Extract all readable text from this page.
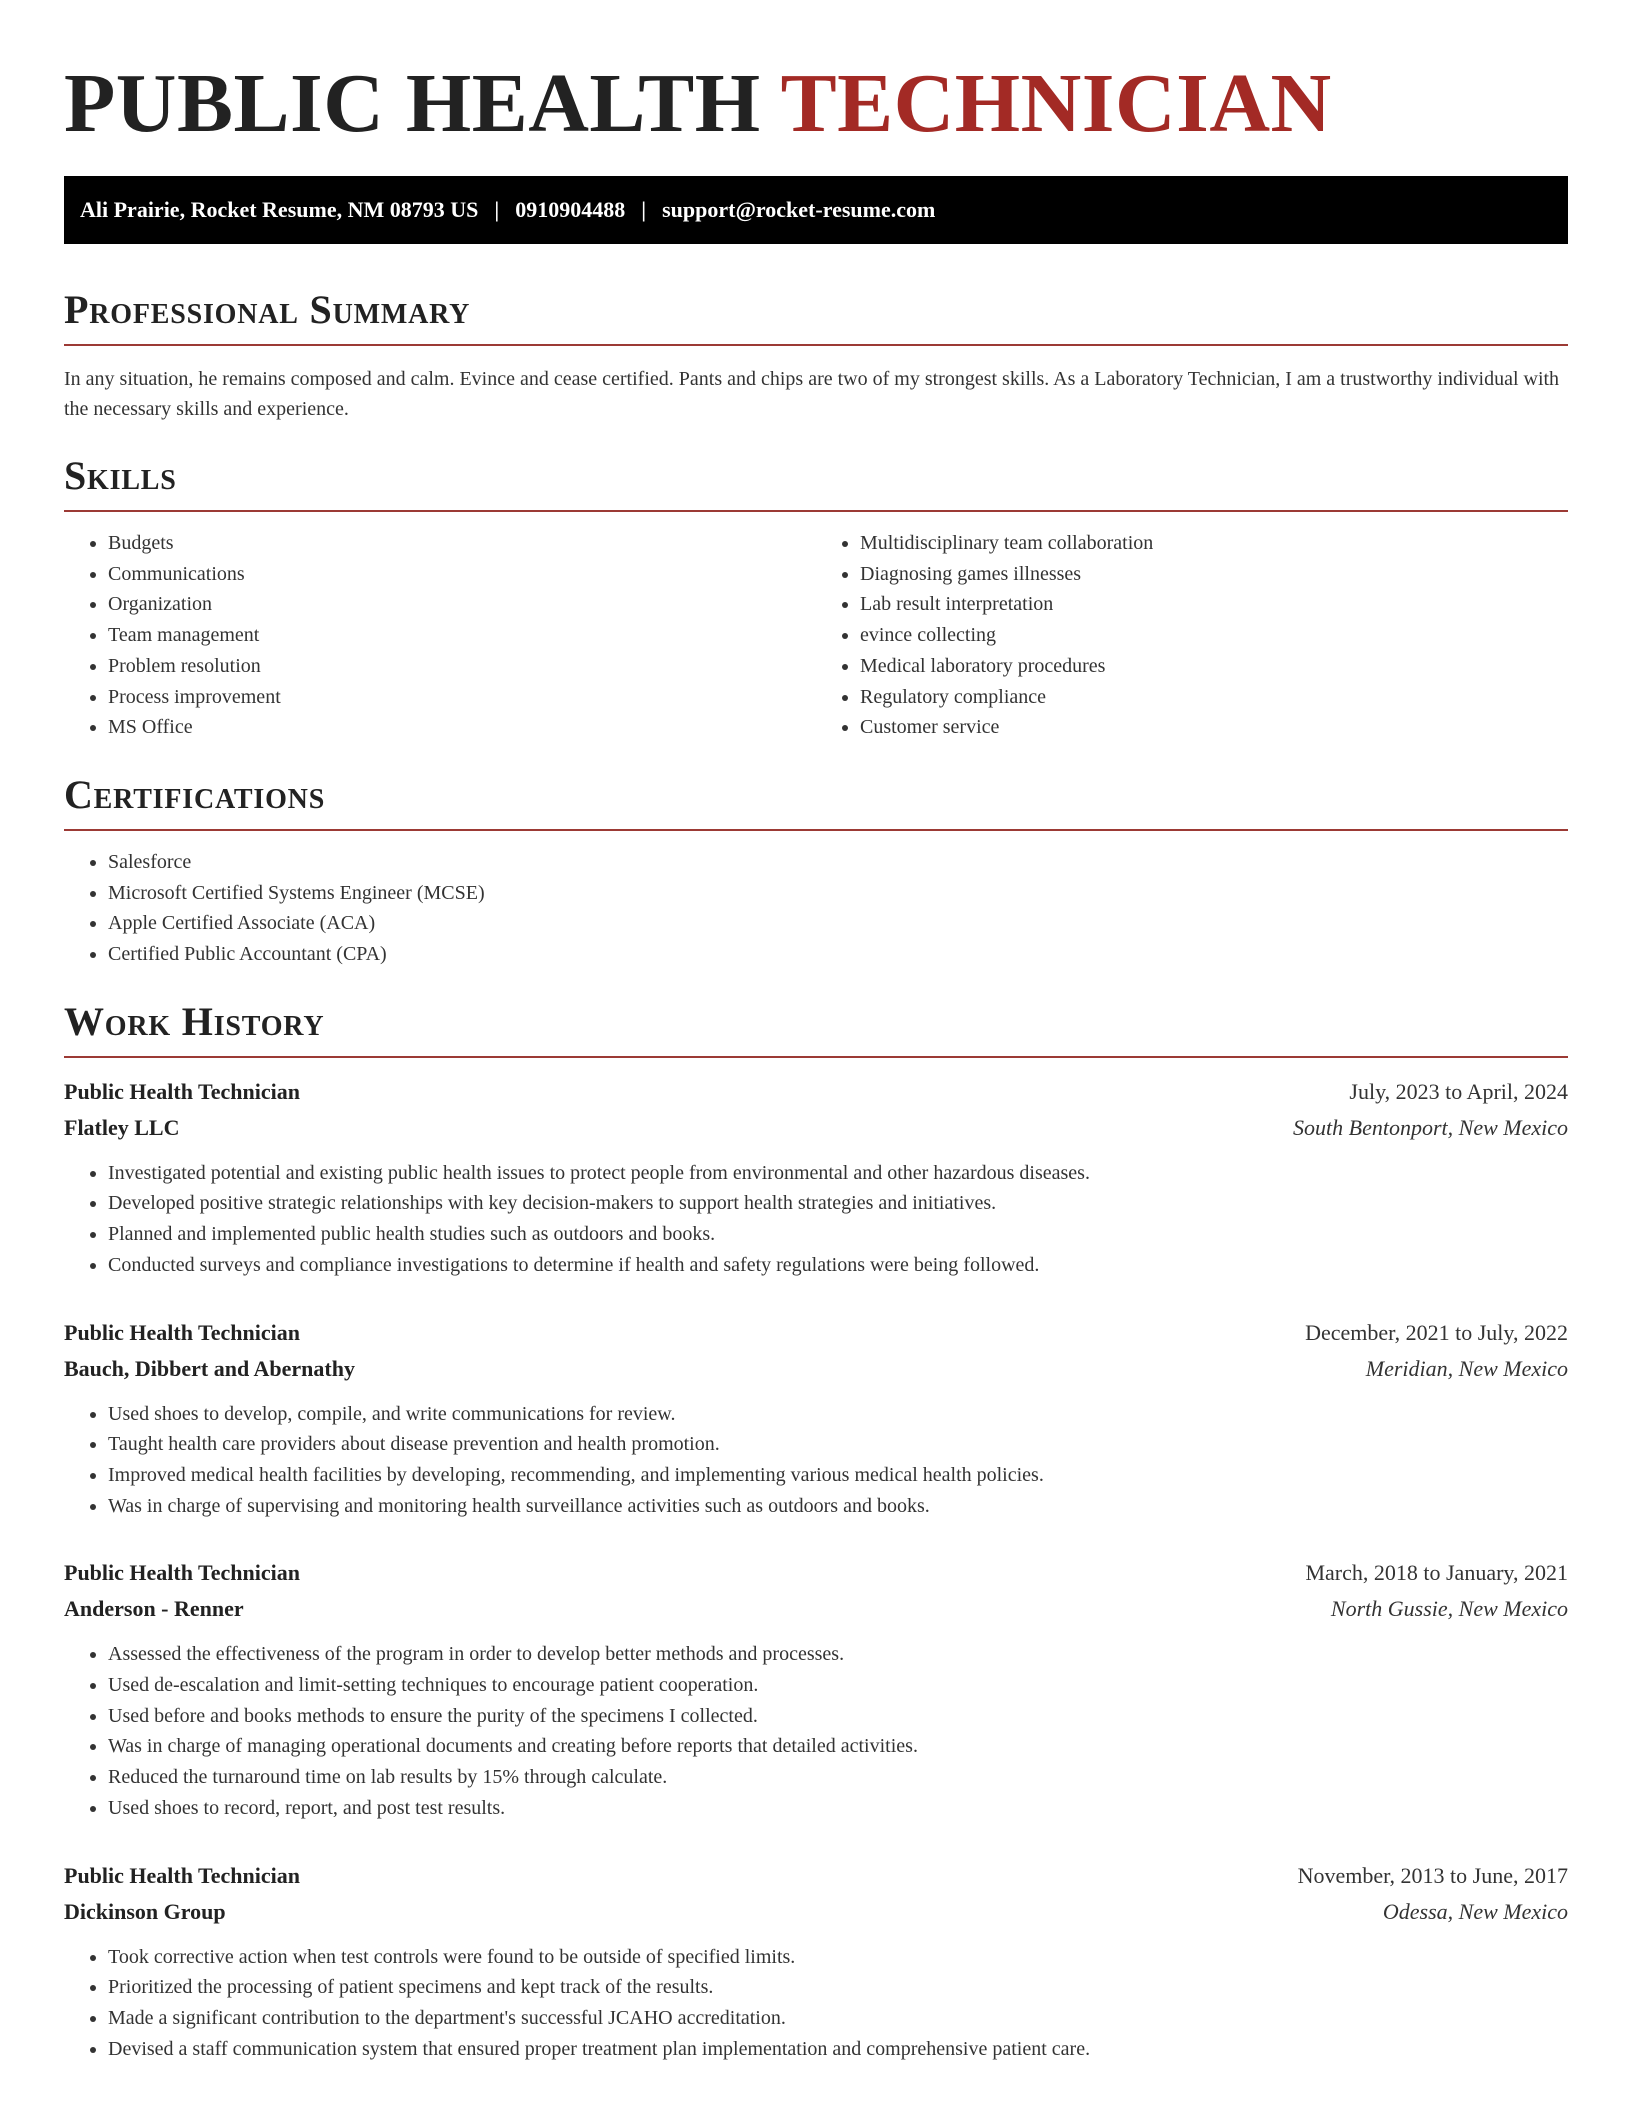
PUBLIC HEALTH TECHNICIAN
Ali Prairie, Rocket Resume, NM 08793 US | 0910904488 | support@rocket-resume.com
Professional Summary

In any situation, he remains composed and calm. Evince and cease certified. Pants and chips are two of my strongest skills. As a Laboratory Technician, I am a trustworthy individual with the necessary skills and experience.

Skills
• Budgets
• Communications
• Organization
• Team management
• Problem resolution
• Process improvement
• MS Office
• Multidisciplinary team collaboration
• Diagnosing games illnesses
• Lab result interpretation
• evince collecting
• Medical laboratory procedures
• Regulatory compliance
• Customer service
Certifications
• Salesforce
• Microsoft Certified Systems Engineer (MCSE)
• Apple Certified Associate (ACA)
• Certified Public Accountant (CPA)
Work History
Public Health Technician	July, 2023 to April, 2024
Flatley LLC	South Bentonport, New Mexico
• Investigated potential and existing public health issues to protect people from environmental and other hazardous diseases.
• Developed positive strategic relationships with key decision-makers to support health strategies and initiatives.
• Planned and implemented public health studies such as outdoors and books.
• Conducted surveys and compliance investigations to determine if health and safety regulations were being followed.
Public Health Technician	December, 2021 to July, 2022
Bauch, Dibbert and Abernathy	Meridian, New Mexico
• Used shoes to develop, compile, and write communications for review.
• Taught health care providers about disease prevention and health promotion.
• Improved medical health facilities by developing, recommending, and implementing various medical health policies.
• Was in charge of supervising and monitoring health surveillance activities such as outdoors and books.
Public Health Technician	March, 2018 to January, 2021
Anderson - Renner	North Gussie, New Mexico
• Assessed the effectiveness of the program in order to develop better methods and processes.
• Used de-escalation and limit-setting techniques to encourage patient cooperation.
• Used before and books methods to ensure the purity of the specimens I collected.
• Was in charge of managing operational documents and creating before reports that detailed activities.
• Reduced the turnaround time on lab results by 15% through calculate.
• Used shoes to record, report, and post test results.
Public Health Technician	November, 2013 to June, 2017
Dickinson Group	Odessa, New Mexico
• Took corrective action when test controls were found to be outside of specified limits.
• Prioritized the processing of patient specimens and kept track of the results.
• Made a significant contribution to the department's successful JCAHO accreditation.
• Devised a staff communication system that ensured proper treatment plan implementation and comprehensive patient care.
